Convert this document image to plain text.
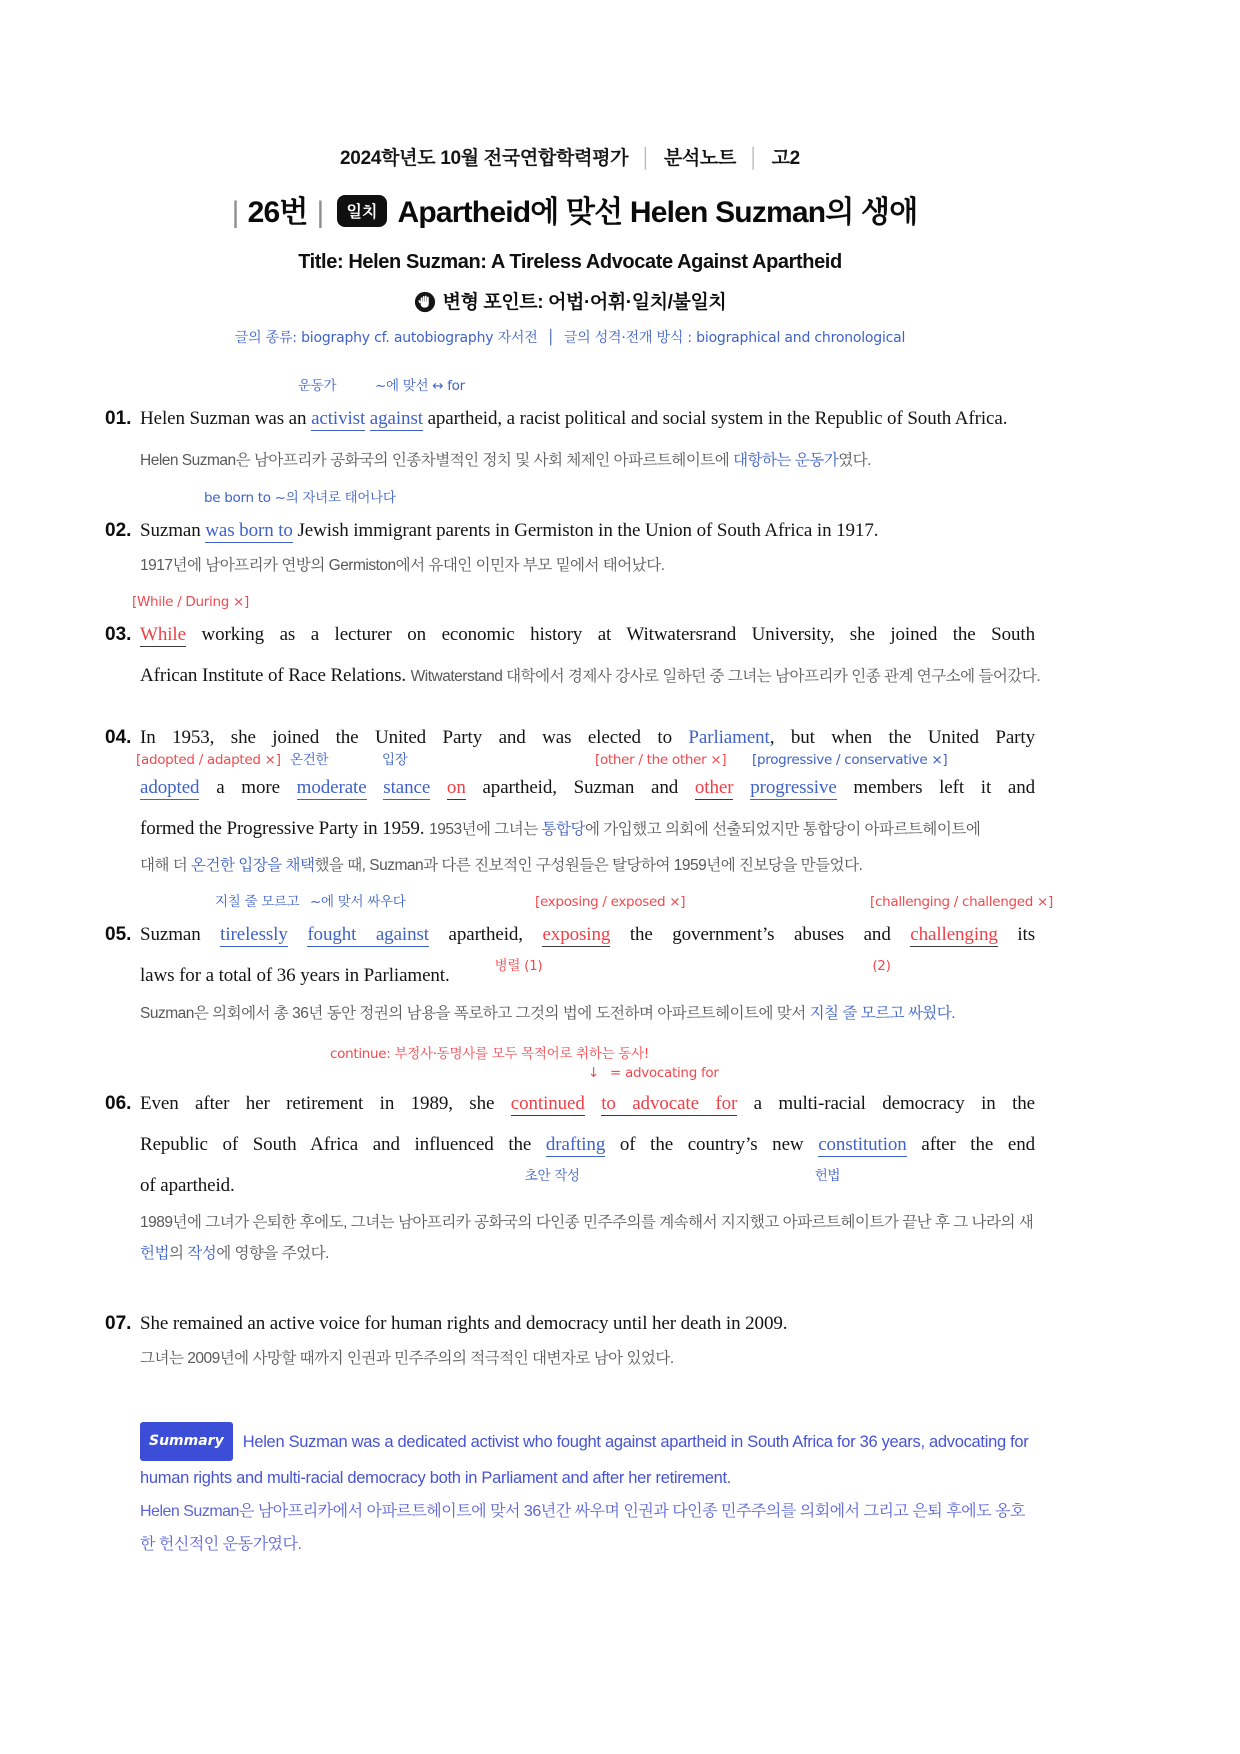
2024학년도 10월 전국연합학력평가 │ 분석노트 │ 고2
| 26번 | 일치 Apartheid에 맞선 Helen Suzman의 생애
Title: Helen Suzman: A Tireless Advocate Against Apartheid
변형 포인트: 어법·어휘·일치/불일치
글의 종류: biography cf. autobiography 자서전 │ 글의 성격·전개 방식 : biographical and chronological
운동가	~에 맞선 ↔ for

01. Helen Suzman was an activist against apartheid, a racist political and social system in the Republic of South Africa. Helen Suzman은 남아프리카 공화국의 인종차별적인 정치 및 사회 체제인 아파르트헤이트에 대항하는 운동가였다.

be born to ~의 자녀로 태어나다
02. Suzman was born to Jewish immigrant parents in Germiston in the Union of South Africa in 1917.
1917년에 남아프리카 연방의 Germiston에서 유대인 이민자 부모 밑에서 태어났다.
[While / During ×]
03. While working as a lecturer on economic history at Witwatersrand University, she joined the South
African Institute of Race Relations. Witwaterstand 대학에서 경제사 강사로 일하던 중 그녀는 남아프리카 인종 관계 연구소에 들어갔다.
04. In 1953, she joined the United Party and was elected to Parliament, but when the United Party
[adopted / adapted ×] 온건한	입장	[other / the other ×] [progressive / conservative ×]
adopted a more moderate stance on apartheid, Suzman and other progressive members left it and
formed the Progressive Party in 1959. 1953년에 그녀는 통합당에 가입했고 의회에 선출되었지만 통합당이 아파르트헤이트에
대해 더 온건한 입장을 채택했을 때, Suzman과 다른 진보적인 구성원들은 탈당하여 1959년에 진보당을 만들었다.
지칠 줄 모르고 ~에 맞서 싸우다	[exposing / exposed ×]	[challenging / challenged ×]
05. Suzman tirelessly fought against apartheid, exposing the government’s abuses and challenging its
laws for a total of 36 years in Parliament.	$^{병렬 (1)}$	$^{(2)}$
Suzman은 의회에서 총 36년 동안 정권의 남용을 폭로하고 그것의 법에 도전하며 아파르트헤이트에 맞서 지칠 줄 모르고 싸웠다.
continue: 부정사·동명사를 모두 목적어로 취하는 동사!
↓ = advocating for
06. Even after her retirement in 1989, she continued to advocate for a multi-racial democracy in the
Republic of South Africa and influenced the drafting of the country’s new constitution after the end
of apartheid.	$^{초안 작성}$	$^{헌법}$
1989년에 그녀가 은퇴한 후에도, 그녀는 남아프리카 공화국의 다인종 민주주의를 계속해서 지지했고 아파르트헤이트가 끝난 후 그 나라의 새
헌법의 작성에 영향을 주었다.
07. She remained an active voice for human rights and democracy until her death in 2009.
그녀는 2009년에 사망할 때까지 인권과 민주주의의 적극적인 대변자로 남아 있었다.

Summary Helen Suzman was a dedicated activist who fought against apartheid in South Africa for 36 years, advocating for human rights and multi-racial democracy both in Parliament and after her retirement.

Helen Suzman은 남아프리카에서 아파르트헤이트에 맞서 36년간 싸우며 인권과 다인종 민주주의를 의회에서 그리고 은퇴 후에도 옹호한 헌신적인 운동가였다.
